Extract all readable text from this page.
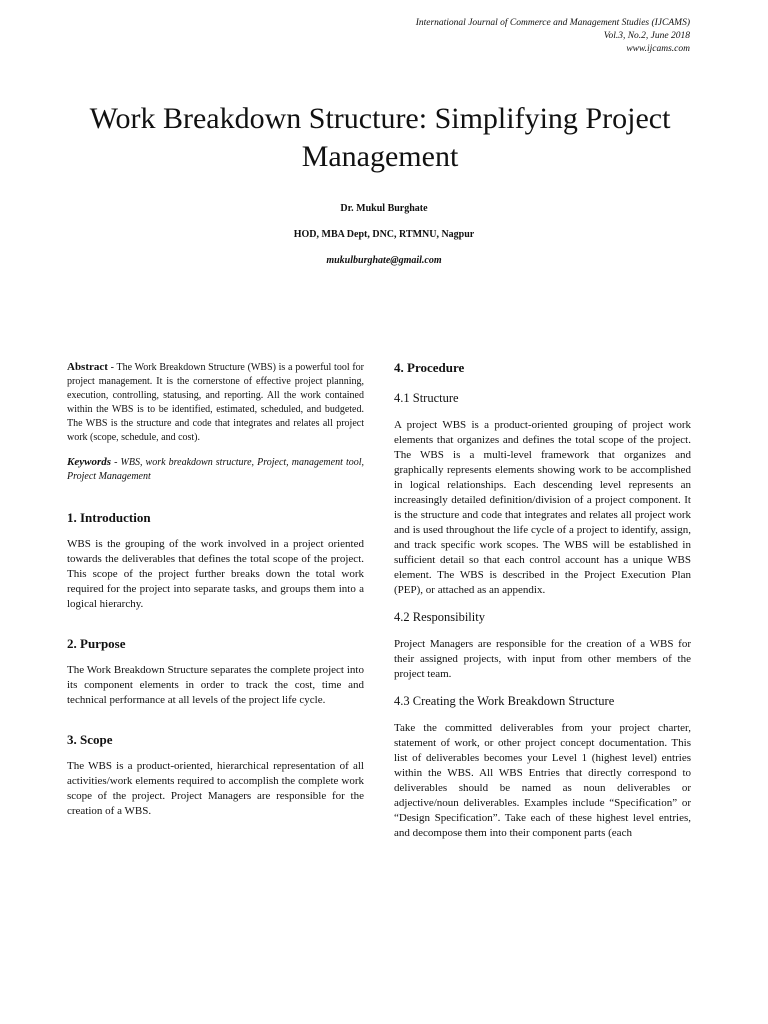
International Journal of Commerce and Management Studies (IJCAMS)
Vol.3, No.2, June 2018
www.ijcams.com
Work Breakdown Structure: Simplifying Project Management
Dr. Mukul Burghate
HOD, MBA Dept, DNC, RTMNU, Nagpur
mukulburghate@gmail.com

Abstract - The Work Breakdown Structure (WBS) is a powerful tool for project management. It is the cornerstone of effective project planning, execution, controlling, statusing, and reporting. All the work contained within the WBS is to be identified, estimated, scheduled, and budgeted. The WBS is the structure and code that integrates and relates all project work (scope, schedule, and cost).

Keywords - WBS, work breakdown structure, Project, management tool, Project Management

1. Introduction

WBS is the grouping of the work involved in a project oriented towards the deliverables that defines the total scope of the project. This scope of the project further breaks down the total work required for the project into separate tasks, and groups them into a logical hierarchy.

2. Purpose

The Work Breakdown Structure separates the complete project into its component elements in order to track the cost, time and technical performance at all levels of the project life cycle.

3. Scope

The WBS is a product-oriented, hierarchical representation of all activities/work elements required to accomplish the complete work scope of the project. Project Managers are responsible for the creation of a WBS.

4. Procedure
4.1 Structure

A project WBS is a product-oriented grouping of project work elements that organizes and defines the total scope of the project. The WBS is a multi-level framework that organizes and graphically represents elements showing work to be accomplished in logical relationships. Each descending level represents an increasingly detailed definition/division of a project component. It is the structure and code that integrates and relates all project work and is used throughout the life cycle of a project to identify, assign, and track specific work scopes. The WBS will be established in sufficient detail so that each control account has a unique WBS element. The WBS is described in the Project Execution Plan (PEP), or attached as an appendix.

4.2 Responsibility

Project Managers are responsible for the creation of a WBS for their assigned projects, with input from other members of the project team.

4.3 Creating the Work Breakdown Structure

Take the committed deliverables from your project charter, statement of work, or other project concept documentation. This list of deliverables becomes your Level 1 (highest level) entries within the WBS. All WBS Entries that directly correspond to deliverables should be named as noun deliverables or adjective/noun deliverables. Examples include “Specification” or “Design Specification”. Take each of these highest level entries, and decompose them into their component parts (each
